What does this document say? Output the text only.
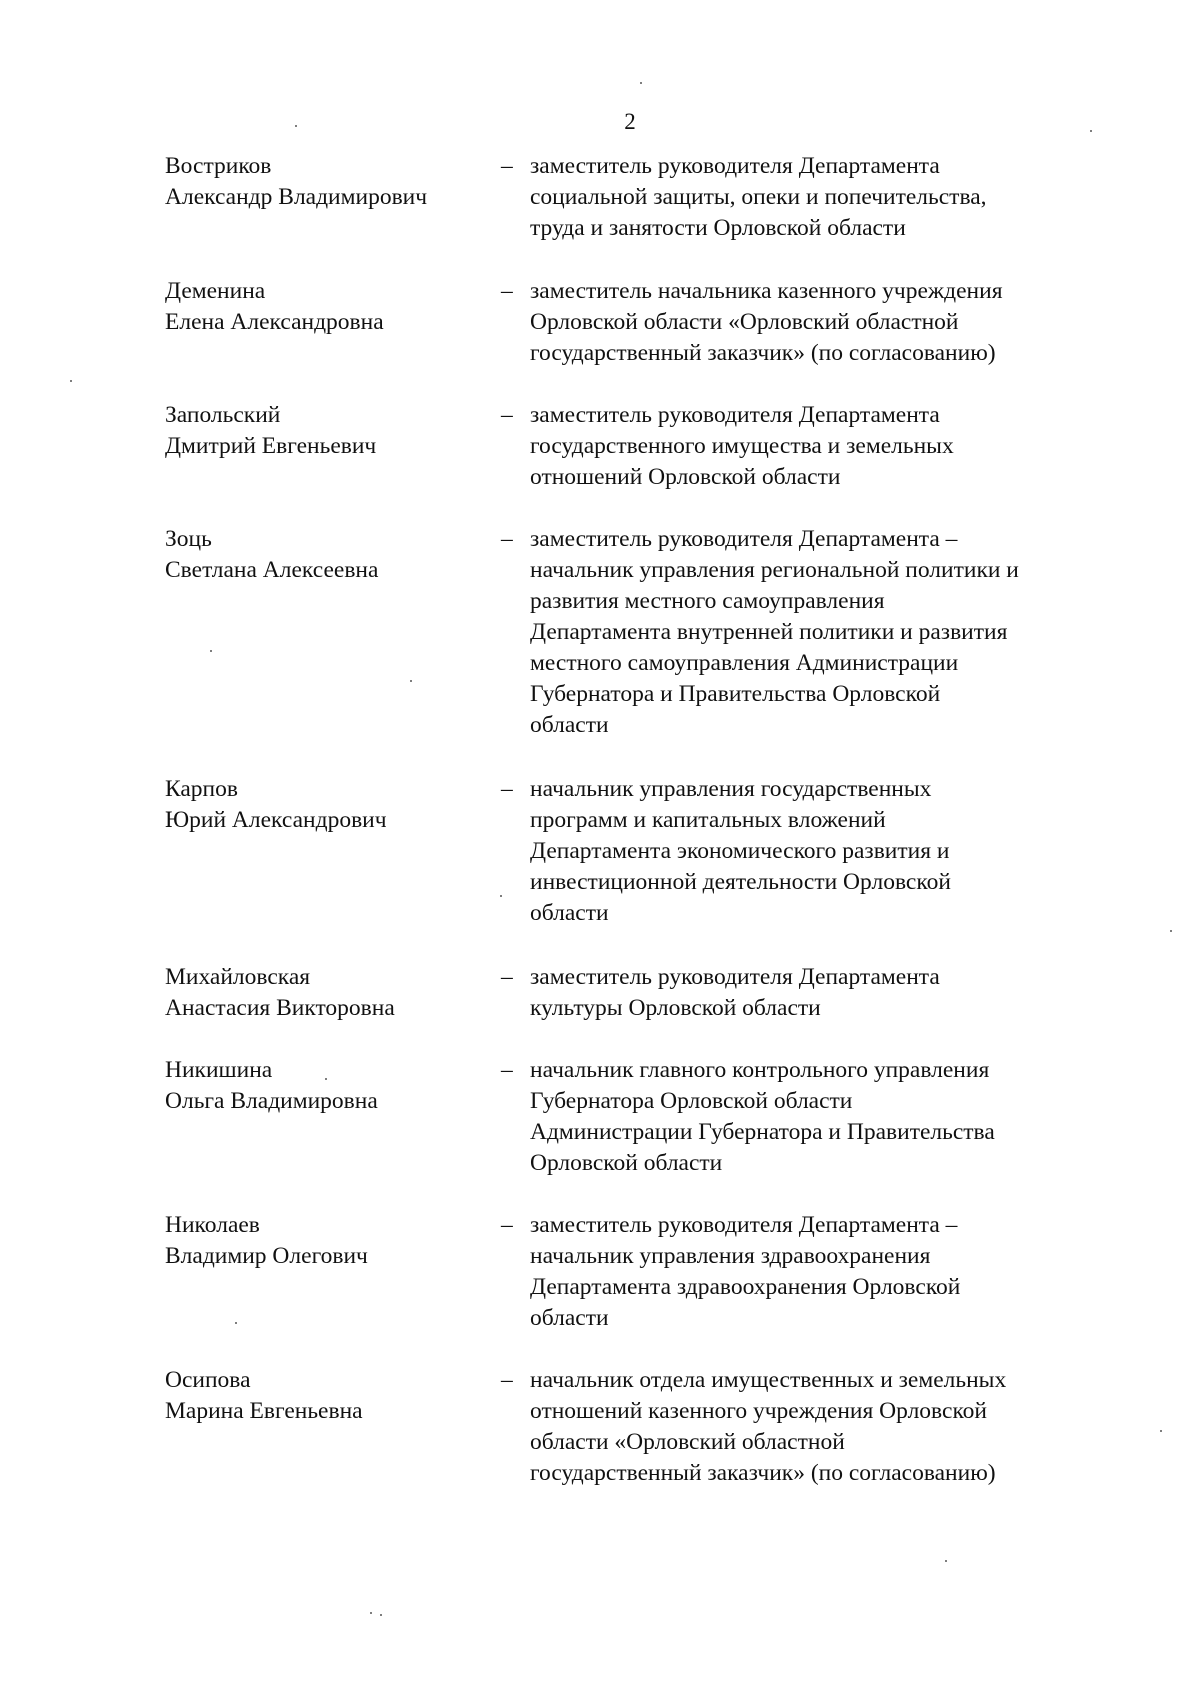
2
Востриков
Александр Владимирович
– заместитель руководителя Департамента
социальной защиты, опеки и попечительства,
труда и занятости Орловской области
Деменина
Елена Александровна
– заместитель начальника казенного учреждения
Орловской области «Орловский областной
государственный заказчик» (по согласованию)
Запольский
Дмитрий Евгеньевич
– заместитель руководителя Департамента
государственного имущества и земельных
отношений Орловской области
Зоць
Светлана Алексеевна
– заместитель руководителя Департамента –
начальник управления региональной политики и
развития местного самоуправления
Департамента внутренней политики и развития
местного самоуправления Администрации
Губернатора и Правительства Орловской
области
Карпов
Юрий Александрович
– начальник управления государственных
программ и капитальных вложений
Департамента экономического развития и
инвестиционной деятельности Орловской
области
Михайловская
Анастасия Викторовна
– заместитель руководителя Департамента
культуры Орловской области
Никишина
Ольга Владимировна
– начальник главного контрольного управления
Губернатора Орловской области
Администрации Губернатора и Правительства
Орловской области
Николаев
Владимир Олегович
– заместитель руководителя Департамента –
начальник управления здравоохранения
Департамента здравоохранения Орловской
области
Осипова
Марина Евгеньевна
– начальник отдела имущественных и земельных
отношений казенного учреждения Орловской
области «Орловский областной
государственный заказчик» (по согласованию)
